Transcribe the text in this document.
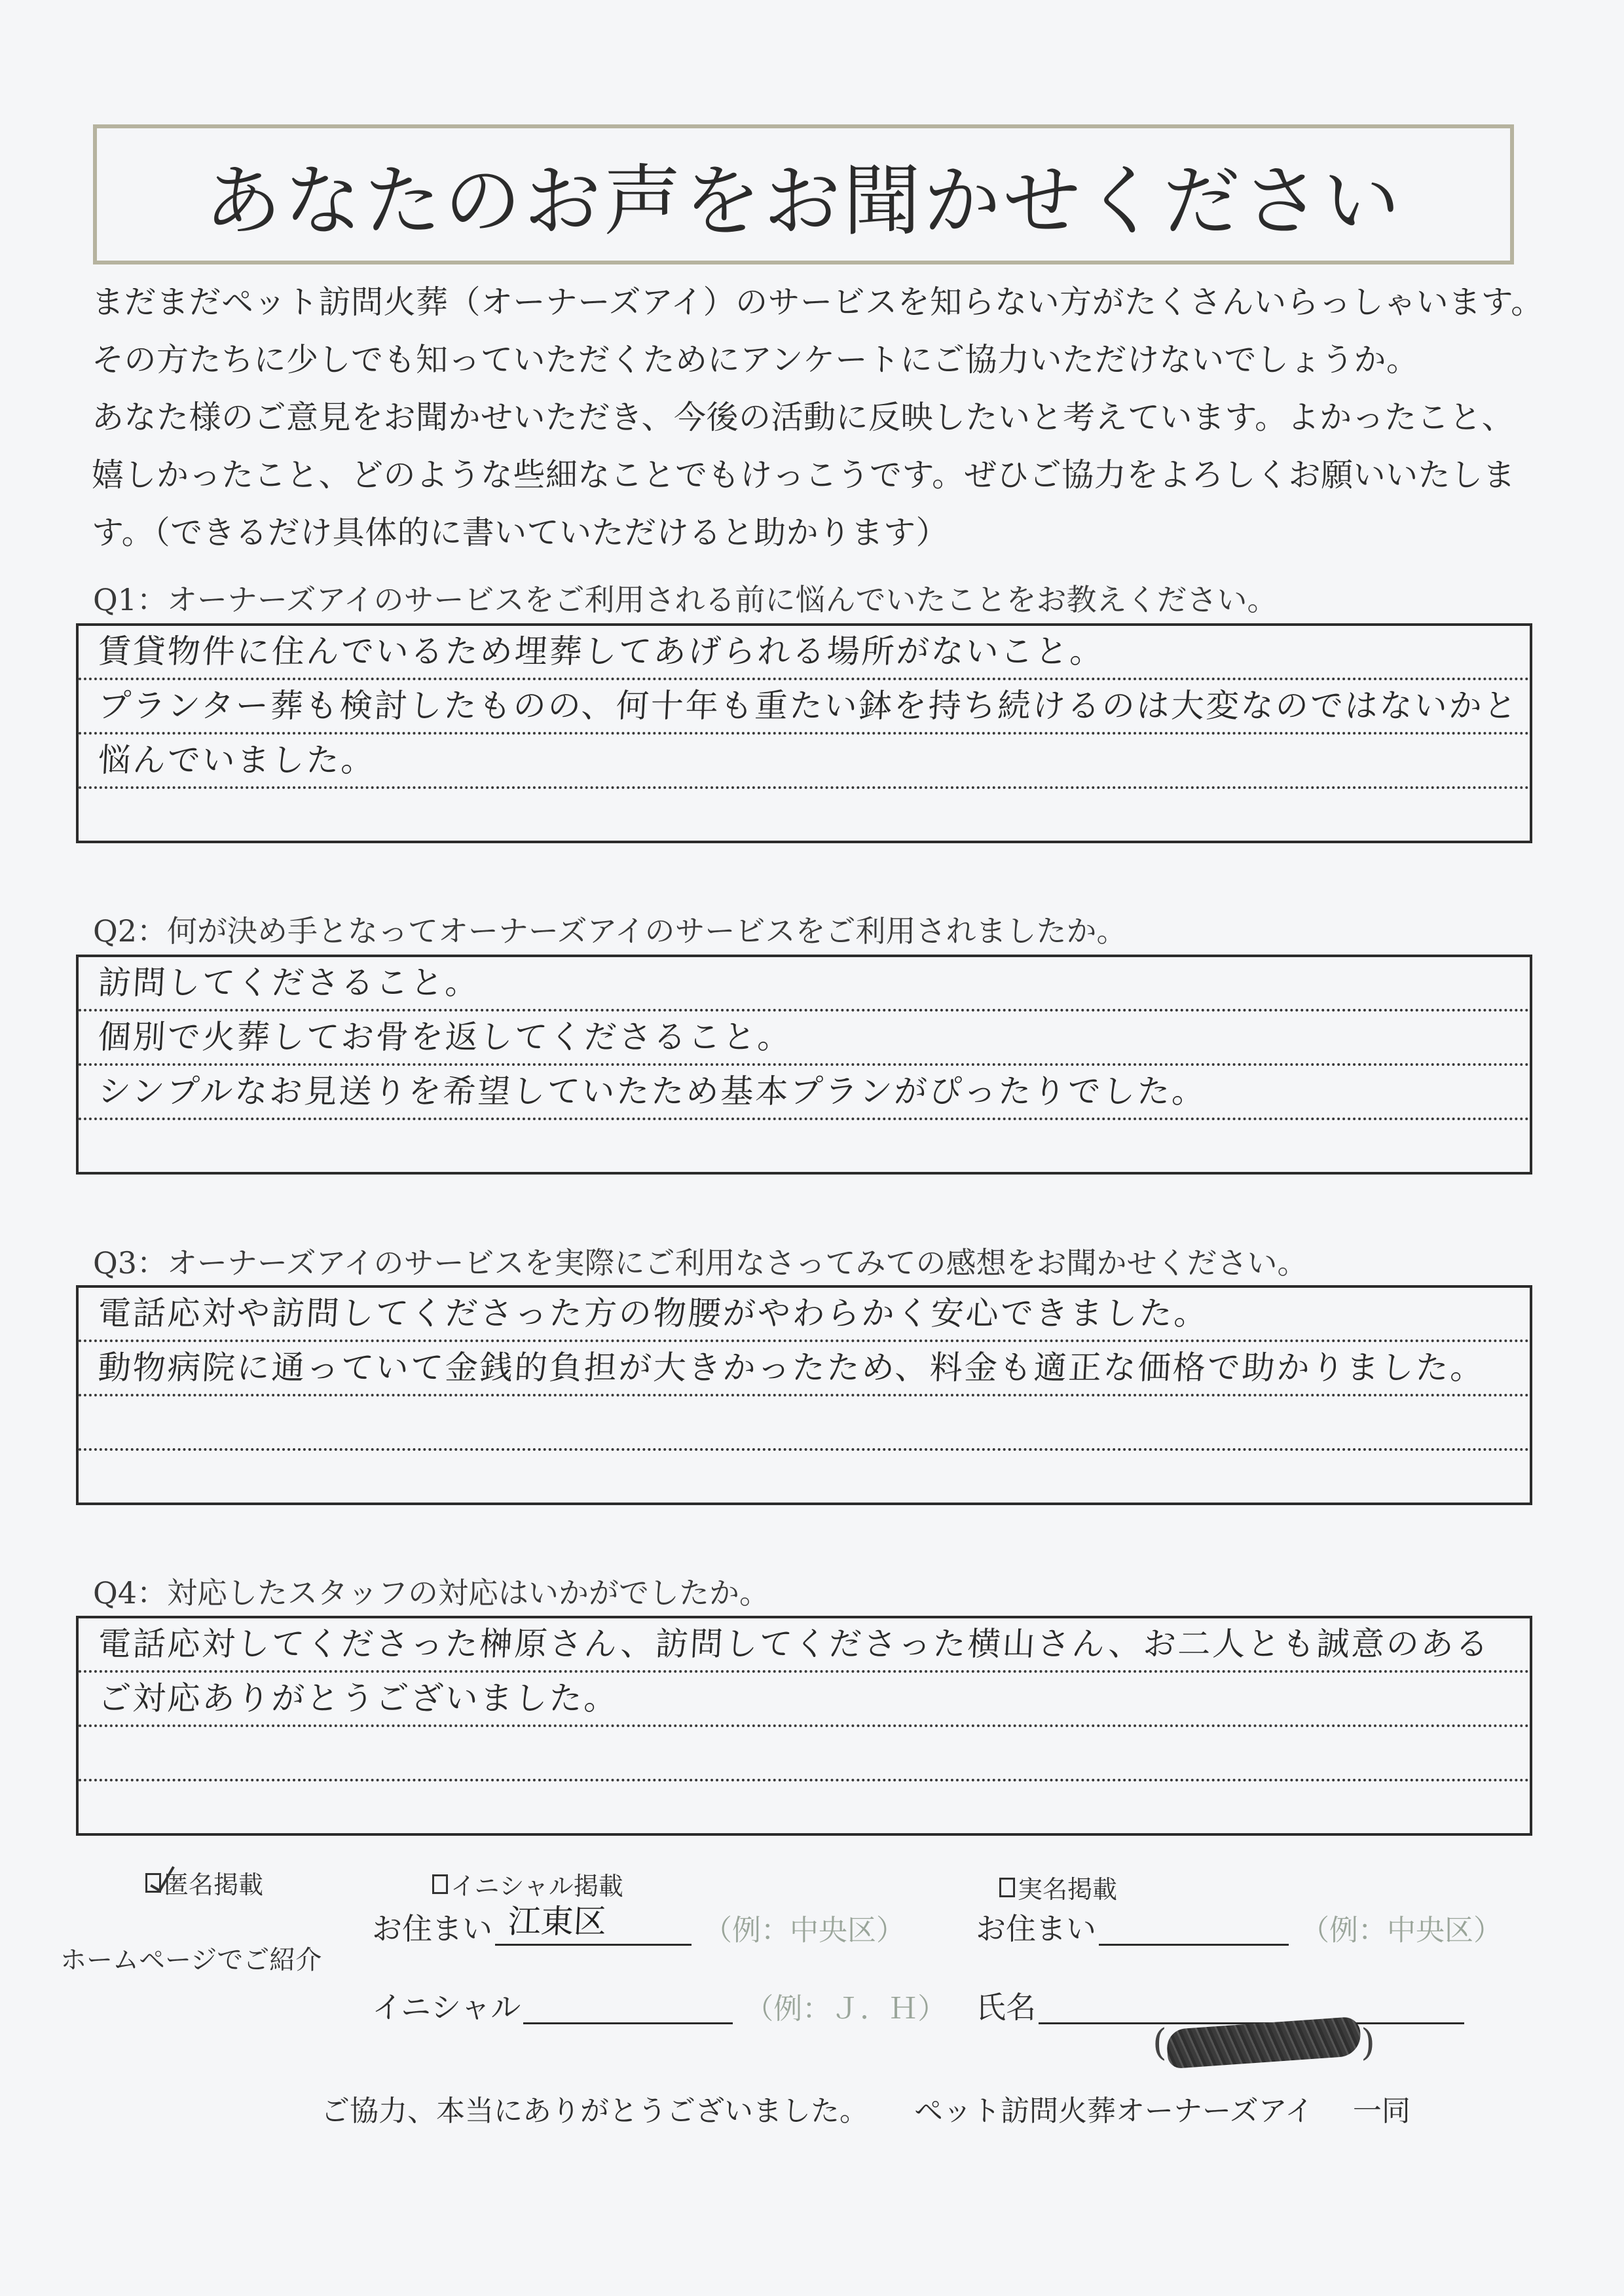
あなたのお声をお聞かせください

まだまだペット訪問火葬（オーナーズアイ）のサービスを知らない方がたくさんいらっしゃいます。

その方たちに少しでも知っていただくためにアンケートにご協力いただけないでしょうか。

あなた様のご意見をお聞かせいただき、今後の活動に反映したいと考えています。よかったこと、

嬉しかったこと、どのような些細なことでもけっこうです。ぜひご協力をよろしくお願いいたしま

す。（できるだけ具体的に書いていただけると助かります）

Q1：オーナーズアイのサービスをご利用される前に悩んでいたことをお教えください。
賃貸物件に住んでいるため埋葬してあげられる場所がないこと。
プランター葬も検討したものの、何十年も重たい鉢を持ち続けるのは大変なのではないかと
悩んでいました。
Q2：何が決め手となってオーナーズアイのサービスをご利用されましたか。
訪問してくださること。
個別で火葬してお骨を返してくださること。
シンプルなお見送りを希望していたため基本プランがぴったりでした。
Q3：オーナーズアイのサービスを実際にご利用なさってみての感想をお聞かせください。
電話応対や訪問してくださった方の物腰がやわらかく安心できました。
動物病院に通っていて金銭的負担が大きかったため、料金も適正な価格で助かりました。
Q4：対応したスタッフの対応はいかがでしたか。
電話応対してくださった榊原さん、訪問してくださった横山さん、お二人とも誠意のある
ご対応ありがとうございました。
匿名掲載	イニシャル掲載	実名掲載
ホームページでご紹介
お住まい 江東区	（例：中央区）
イニシャル	（例：Ｊ．Ｈ）
お住まい	（例：中央区）
氏名
(	)
ご協力、本当にありがとうございました。 ペット訪問火葬オーナーズアイ 一同
